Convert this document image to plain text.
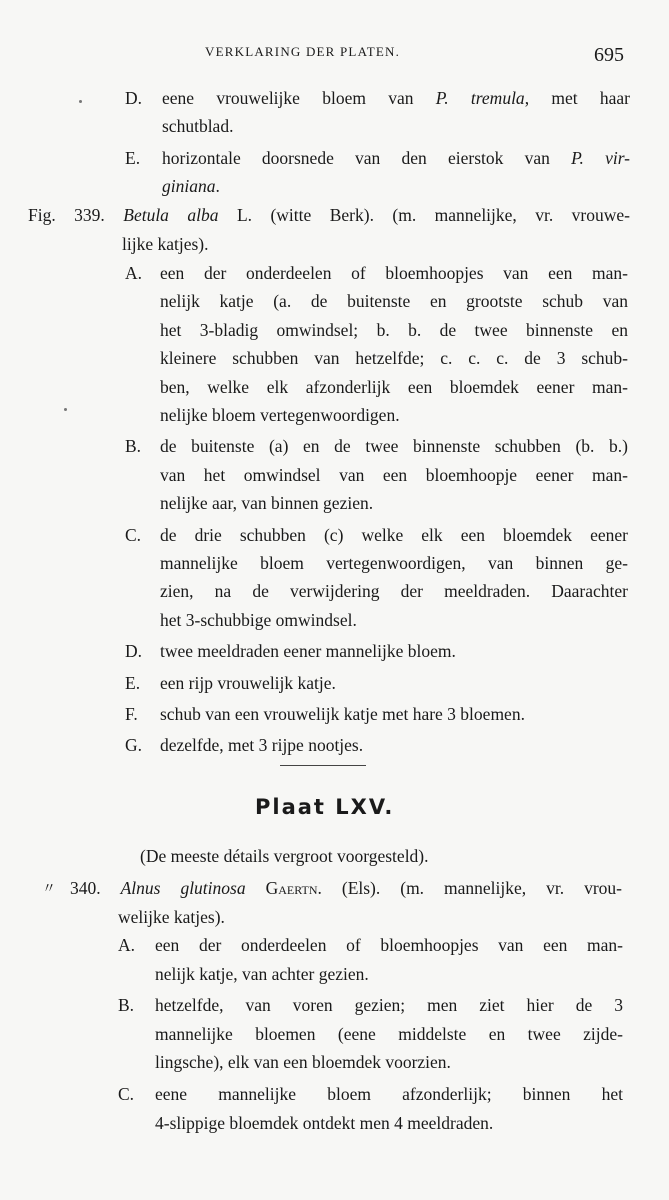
VERKLARING DER PLATEN.	695
D. eene vrouwelijke bloem van P. tremula, met haar
schutblad.
E. horizontale doorsnede van den eierstok van P. vir-
giniana.
Fig. 339. Betula alba L. (witte Berk). (m. mannelijke, vr. vrouwe-
lijke katjes).
A. een der onderdeelen of bloemhoopjes van een man-
nelijk katje (a. de buitenste en grootste schub van
het 3-bladig omwindsel; b. b. de twee binnenste en
kleinere schubben van hetzelfde; c. c. c. de 3 schub-
ben, welke elk afzonderlijk een bloemdek eener man-
nelijke bloem vertegenwoordigen.
B. de buitenste (a) en de twee binnenste schubben (b. b.)
van het omwindsel van een bloemhoopje eener man-
nelijke aar, van binnen gezien.
C. de drie schubben (c) welke elk een bloemdek eener
mannelijke bloem vertegenwoordigen, van binnen ge-
zien, na de verwijdering der meeldraden. Daarachter
het 3-schubbige omwindsel.
D. twee meeldraden eener mannelijke bloem.
E. een rijp vrouwelijk katje.
F. schub van een vrouwelijk katje met hare 3 bloemen.
G. dezelfde, met 3 rijpe nootjes.
Plaat LXV.
(De meeste détails vergroot voorgesteld).
〃 340. Alnus glutinosa Gaertn. (Els). (m. mannelijke, vr. vrou-
welijke katjes).
A. een der onderdeelen of bloemhoopjes van een man-
nelijk katje, van achter gezien.
B. hetzelfde, van voren gezien; men ziet hier de 3
mannelijke bloemen (eene middelste en twee zijde-
lingsche), elk van een bloemdek voorzien.
C. eene mannelijke bloem afzonderlijk; binnen het
4-slippige bloemdek ontdekt men 4 meeldraden.
